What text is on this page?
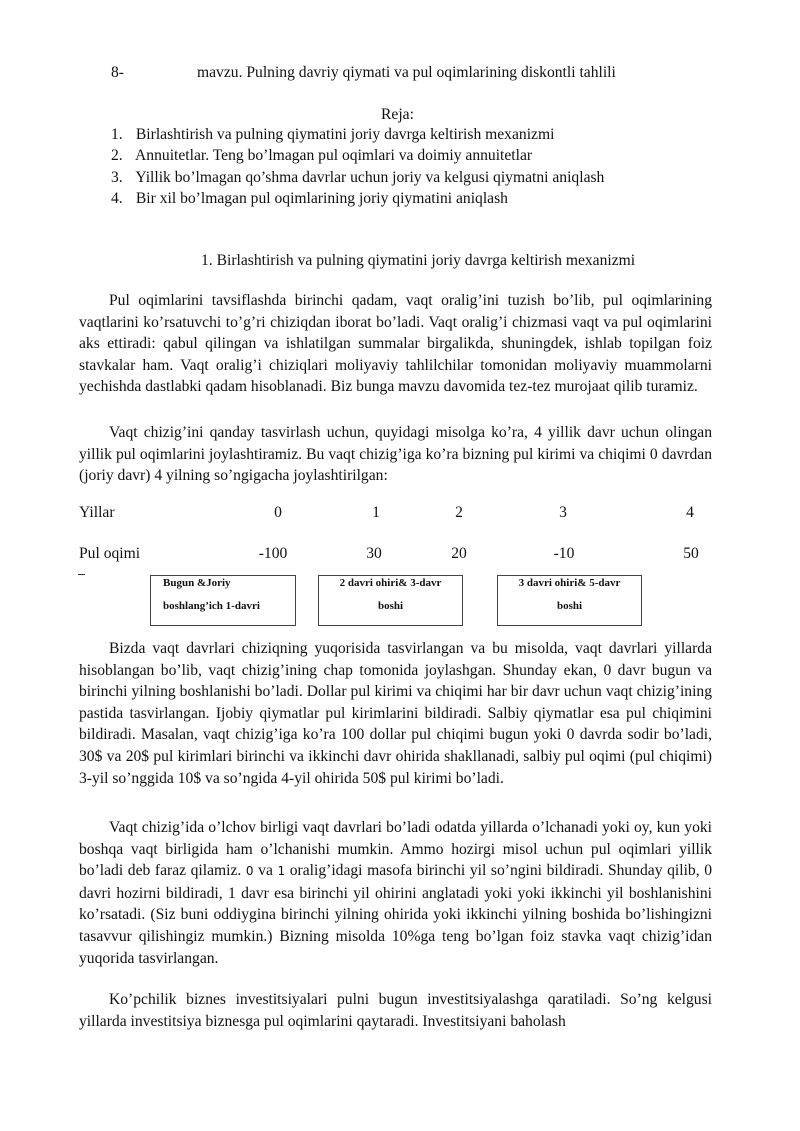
8-	mavzu. Pulning davriy qiymati va pul oqimlarining diskontli tahlili
Reja:
1. Birlashtirish va pulning qiymatini joriy davrga keltirish mexanizmi
2. Annuitetlar. Teng bo’lmagan pul oqimlari va doimiy annuitetlar
3. Yillik bo’lmagan qo’shma davrlar uchun joriy va kelgusi qiymatni aniqlash
4. Bir xil bo’lmagan pul oqimlarining joriy qiymatini aniqlash
1. Birlashtirish va pulning qiymatini joriy davrga keltirish mexanizmi

Pul oqimlarini tavsiflashda birinchi qadam, vaqt oralig’ini tuzish bo’lib, pul oqimlarining vaqtlarini ko’rsatuvchi to’g’ri chiziqdan iborat bo’ladi. Vaqt oralig’i chizmasi vaqt va pul oqimlarini aks ettiradi: qabul qilingan va ishlatilgan summalar birgalikda, shuningdek, ishlab topilgan foiz stavkalar ham. Vaqt oralig’i chiziqlari moliyaviy tahlilchilar tomonidan moliyaviy muammolarni yechishda dastlabki qadam hisoblanadi. Biz bunga mavzu davomida tez-tez murojaat qilib turamiz.

Vaqt chizig’ini qanday tasvirlash uchun, quyidagi misolga ko’ra, 4 yillik davr uchun olingan yillik pul oqimlarini joylashtiramiz. Bu vaqt chizig’iga ko’ra bizning pul kirimi va chiqimi 0 davrdan (joriy davr) 4 yilning so’ngigacha joylashtirilgan:

Yillar	0	1	2	3	4
Pul oqimi	-100	30	20	-10	50
Bugun &Joriy
boshlang’ich 1-davri
2 davri ohiri& 3-davr
boshi
3 davri ohiri& 5-davr
boshi

Bizda vaqt davrlari chiziqning yuqorisida tasvirlangan va bu misolda, vaqt davrlari yillarda hisoblangan bo’lib, vaqt chizig’ining chap tomonida joylashgan. Shunday ekan, 0 davr bugun va birinchi yilning boshlanishi bo’ladi. Dollar pul kirimi va chiqimi har bir davr uchun vaqt chizig’ining pastida tasvirlangan. Ijobiy qiymatlar pul kirimlarini bildiradi. Salbiy qiymatlar esa pul chiqimini bildiradi. Masalan, vaqt chizig’iga ko’ra 100 dollar pul chiqimi bugun yoki 0 davrda sodir bo’ladi, 30$ va 20$ pul kirimlari birinchi va ikkinchi davr ohirida shakllanadi, salbiy pul oqimi (pul chiqimi) 3-yil so’nggida 10$ va so’ngida 4-yil ohirida 50$ pul kirimi bo’ladi.

Vaqt chizig’ida o’lchov birligi vaqt davrlari bo’ladi odatda yillarda o’lchanadi yoki oy, kun yoki boshqa vaqt birligida ham o’lchanishi mumkin. Ammo hozirgi misol uchun pul oqimlari yillik bo’ladi deb faraz qilamiz. 0 va 1 oralig’idagi masofa birinchi yil so’ngini bildiradi. Shunday qilib, 0 davri hozirni bildiradi, 1 davr esa birinchi yil ohirini anglatadi yoki yoki ikkinchi yil boshlanishini ko’rsatadi. (Siz buni oddiygina birinchi yilning ohirida yoki ikkinchi yilning boshida bo’lishingizni tasavvur qilishingiz mumkin.) Bizning misolda 10%ga teng bo’lgan foiz stavka vaqt chizig’idan yuqorida tasvirlangan.

Ko’pchilik biznes investitsiyalari pulni bugun investitsiyalashga qaratiladi. So’ng kelgusi yillarda investitsiya biznesga pul oqimlarini qaytaradi. Investitsiyani baholash
